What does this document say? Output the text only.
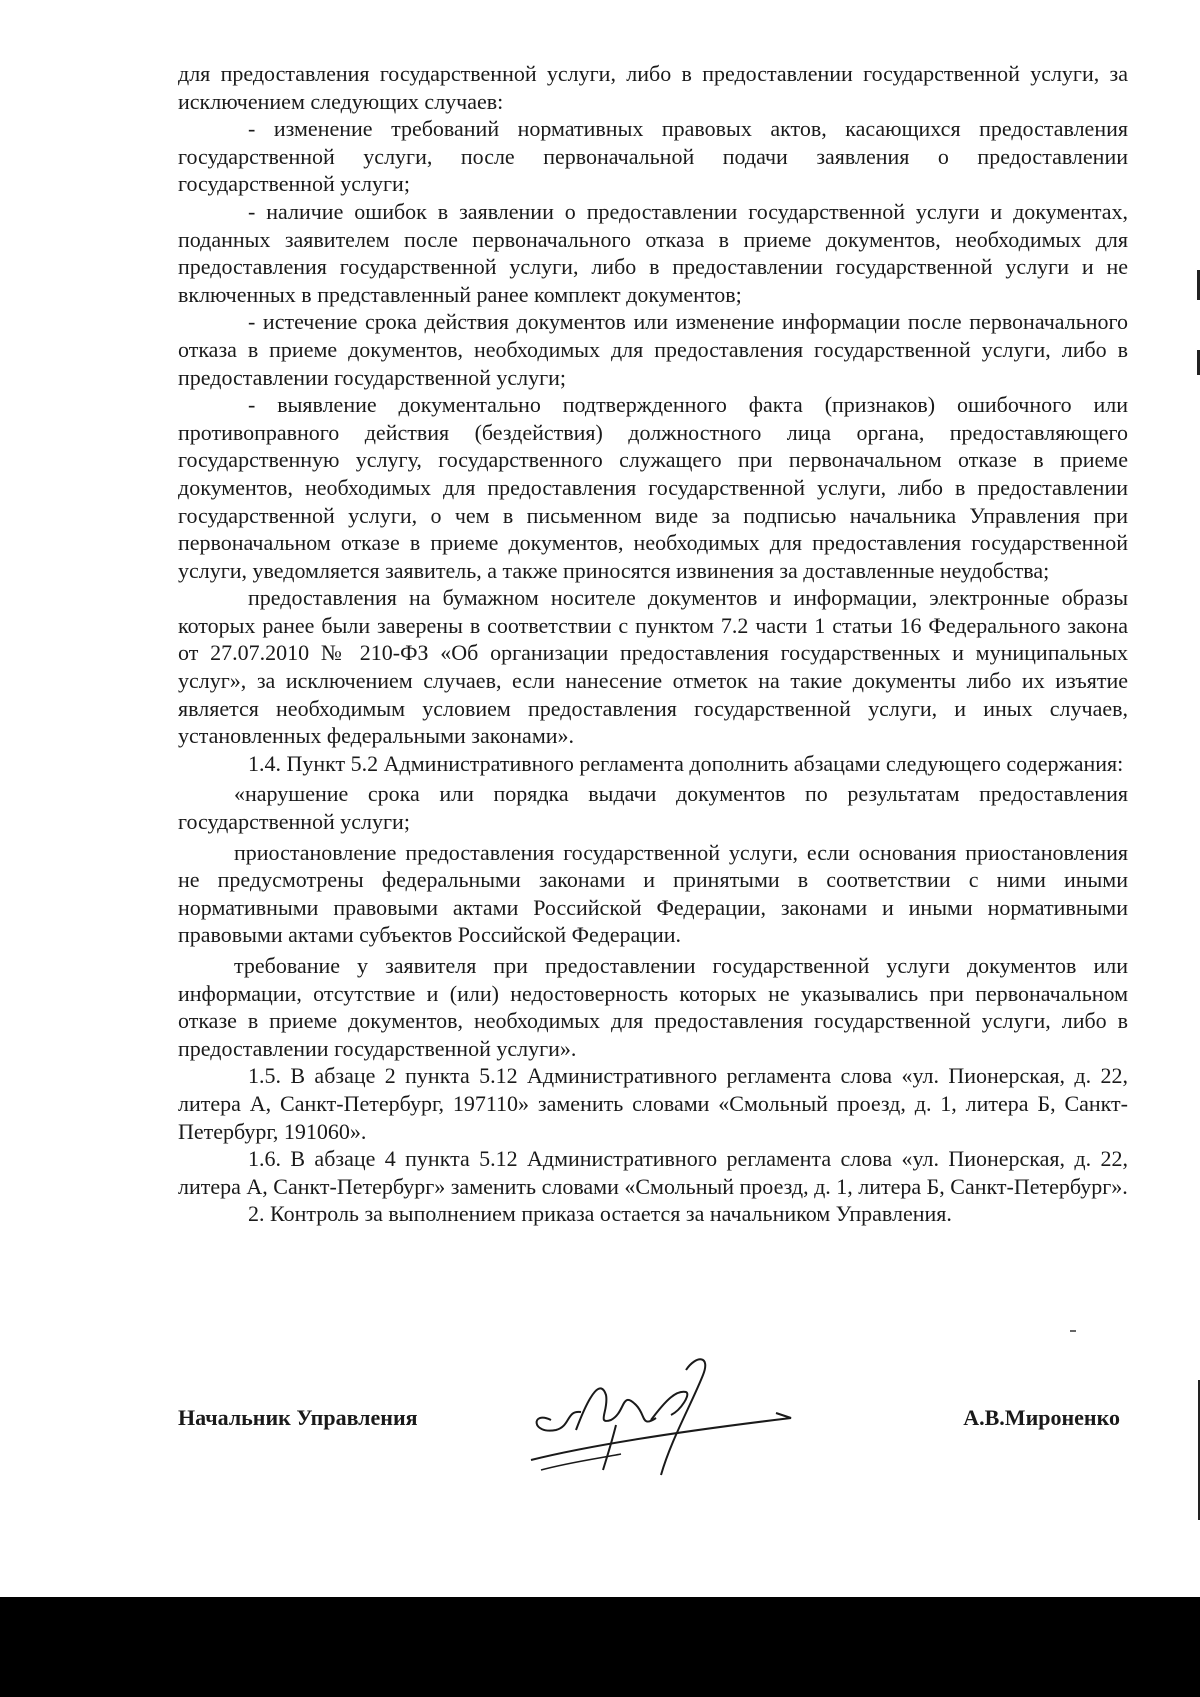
для предоставления государственной услуги, либо в предоставлении государственной услуги, за исключением следующих случаев:

- изменение требований нормативных правовых актов, касающихся предоставления государственной услуги, после первоначальной подачи заявления о предоставлении государственной услуги;

- наличие ошибок в заявлении о предоставлении государственной услуги и документах, поданных заявителем после первоначального отказа в приеме документов, необходимых для предоставления государственной услуги, либо в предоставлении государственной услуги и не включенных в представленный ранее комплект документов;

- истечение срока действия документов или изменение информации после первоначального отказа в приеме документов, необходимых для предоставления государственной услуги, либо в предоставлении государственной услуги;

- выявление документально подтвержденного факта (признаков) ошибочного или противоправного действия (бездействия) должностного лица органа, предоставляющего государственную услугу, государственного служащего при первоначальном отказе в приеме документов, необходимых для предоставления государственной услуги, либо в предоставлении государственной услуги, о чем в письменном виде за подписью начальника Управления при первоначальном отказе в приеме документов, необходимых для предоставления государственной услуги, уведомляется заявитель, а также приносятся извинения за доставленные неудобства;

предоставления на бумажном носителе документов и информации, электронные образы которых ранее были заверены в соответствии с пунктом 7.2 части 1 статьи 16 Федерального закона от 27.07.2010 № 210-ФЗ «Об организации предоставления государственных и муниципальных услуг», за исключением случаев, если нанесение отметок на такие документы либо их изъятие является необходимым условием предоставления государственной услуги, и иных случаев, установленных федеральными законами».

1.4. Пункт 5.2 Административного регламента дополнить абзацами следующего содержания:

«нарушение срока или порядка выдачи документов по результатам предоставления государственной услуги;

приостановление предоставления государственной услуги, если основания приостановления не предусмотрены федеральными законами и принятыми в соответствии с ними иными нормативными правовыми актами Российской Федерации, законами и иными нормативными правовыми актами субъектов Российской Федерации.

требование у заявителя при предоставлении государственной услуги документов или информации, отсутствие и (или) недостоверность которых не указывались при первоначальном отказе в приеме документов, необходимых для предоставления государственной услуги, либо в предоставлении государственной услуги».

1.5. В абзаце 2 пункта 5.12 Административного регламента слова «ул. Пионерская, д. 22, литера А, Санкт-Петербург, 197110» заменить словами «Смольный проезд, д. 1, литера Б, Санкт-Петербург, 191060».

1.6. В абзаце 4 пункта 5.12 Административного регламента слова «ул. Пионерская, д. 22, литера А, Санкт-Петербург» заменить словами «Смольный проезд, д. 1, литера Б, Санкт-Петербург».

2. Контроль за выполнением приказа остается за начальником Управления.

Начальник Управления	А.В.Мироненко
